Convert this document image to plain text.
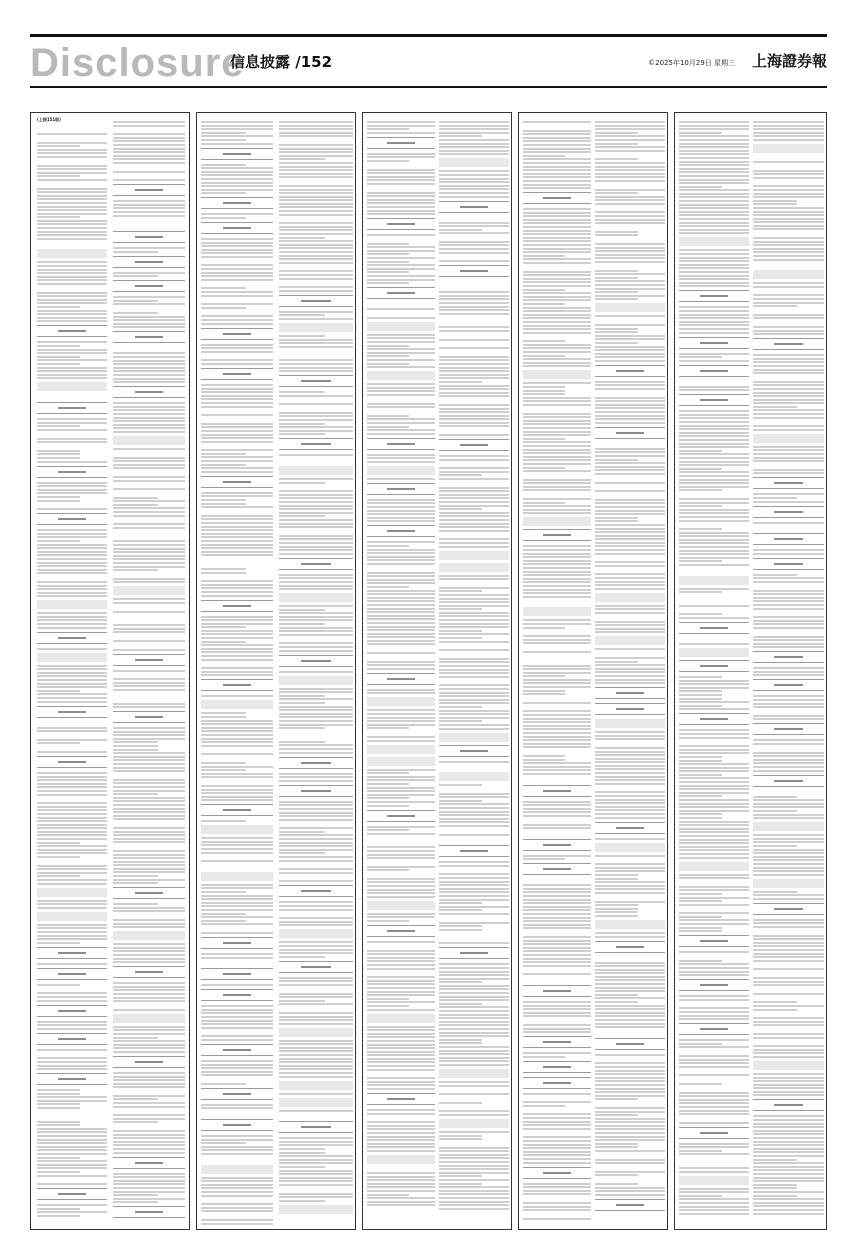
Disclosure
信息披露 /152	©2025年10月29日 星期三 上海證券報
(上接151版)
